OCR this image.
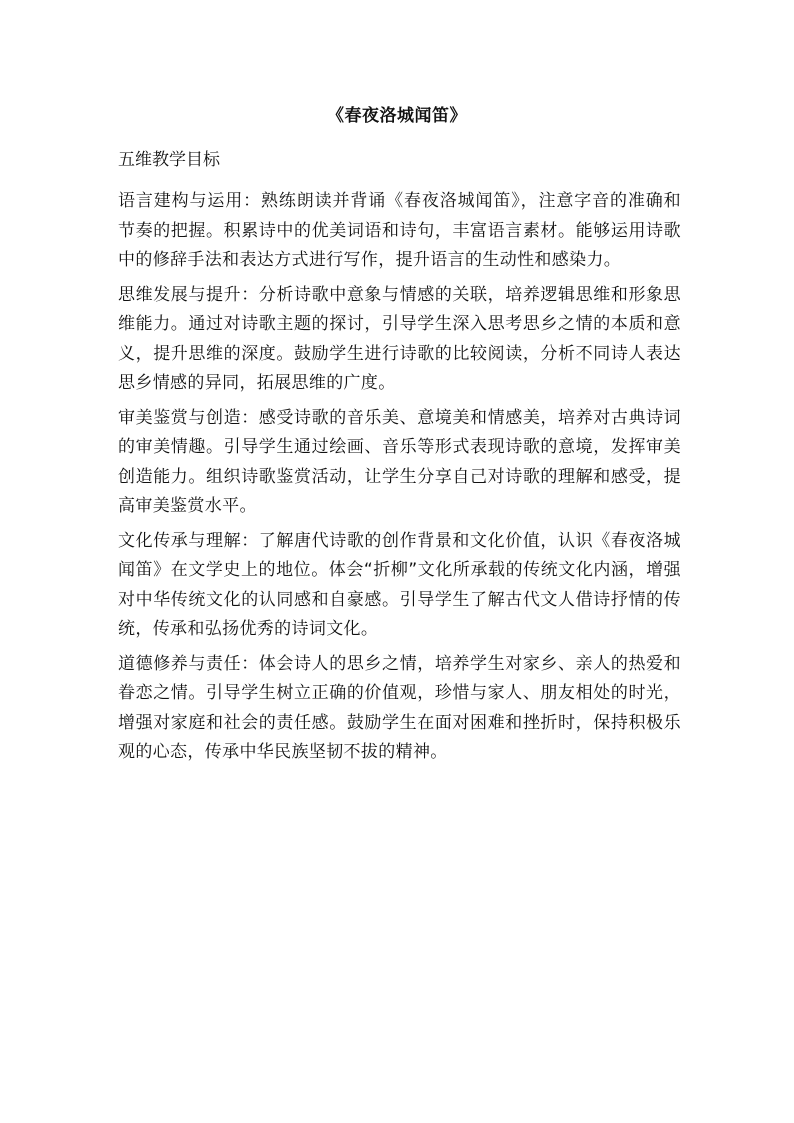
《春夜洛城闻笛》
五维教学目标

语言建构与运用：熟练朗读并背诵《春夜洛城闻笛》，注意字音的准确和节奏的把握。积累诗中的优美词语和诗句，丰富语言素材。能够运用诗歌中的修辞手法和表达方式进行写作，提升语言的生动性和感染力。

思维发展与提升：分析诗歌中意象与情感的关联，培养逻辑思维和形象思维能力。通过对诗歌主题的探讨，引导学生深入思考思乡之情的本质和意义，提升思维的深度。鼓励学生进行诗歌的比较阅读，分析不同诗人表达思乡情感的异同，拓展思维的广度。

审美鉴赏与创造：感受诗歌的音乐美、意境美和情感美，培养对古典诗词的审美情趣。引导学生通过绘画、音乐等形式表现诗歌的意境，发挥审美创造能力。组织诗歌鉴赏活动，让学生分享自己对诗歌的理解和感受，提高审美鉴赏水平。

文化传承与理解：了解唐代诗歌的创作背景和文化价值，认识《春夜洛城闻笛》在文学史上的地位。体会“折柳”文化所承载的传统文化内涵，增强对中华传统文化的认同感和自豪感。引导学生了解古代文人借诗抒情的传统，传承和弘扬优秀的诗词文化。

道德修养与责任：体会诗人的思乡之情，培养学生对家乡、亲人的热爱和眷恋之情。引导学生树立正确的价值观，珍惜与家人、朋友相处的时光，增强对家庭和社会的责任感。鼓励学生在面对困难和挫折时，保持积极乐观的心态，传承中华民族坚韧不拔的精神。
